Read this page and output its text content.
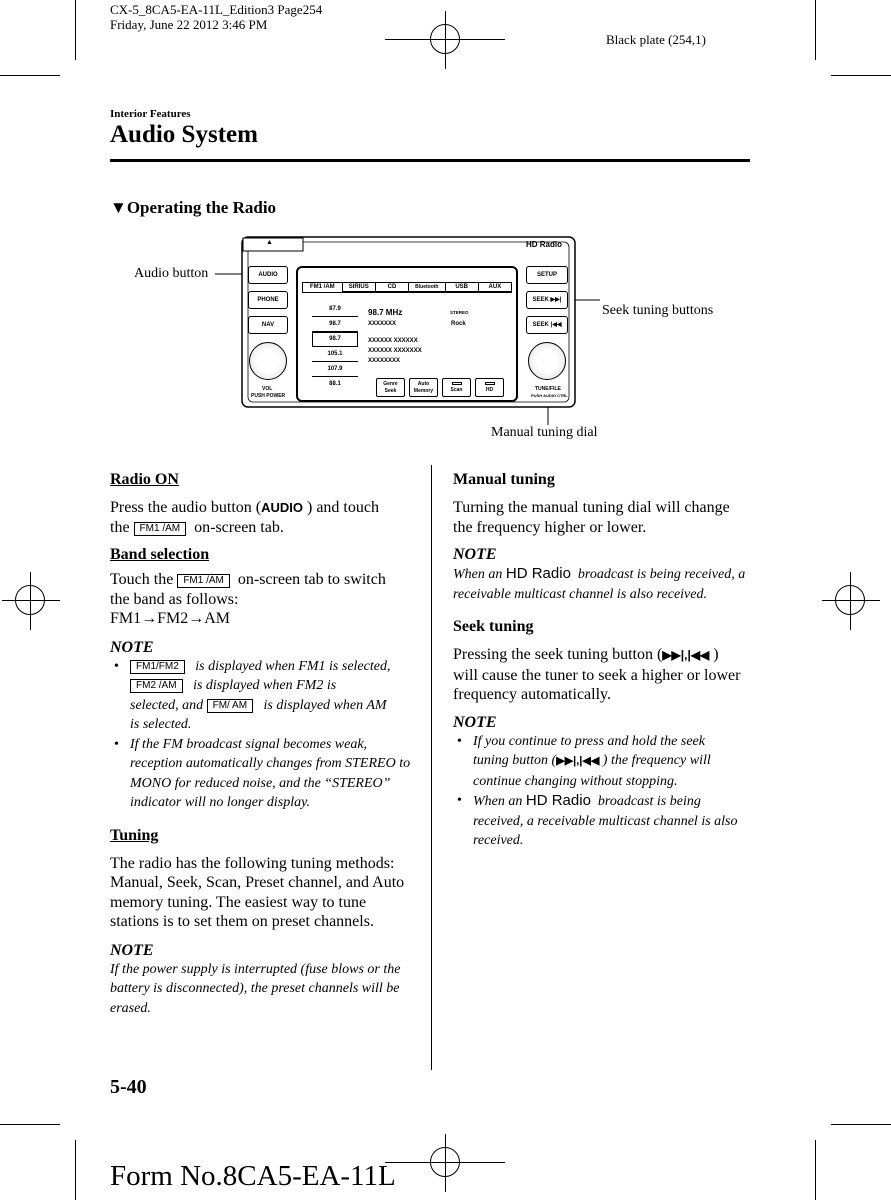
CX-5_8CA5-EA-11L_Edition3 Page254
Friday, June 22 2012 3:46 PM
Black plate (254,1)
Interior Features
Audio System
▼Operating the Radio
Audio button
Seek tuning buttons
Manual tuning dial
▲	HD Radio
AUDIO
PHONE
NAV
SETUP
SEEK ▶▶|
SEEK |◀◀
VOL
PUSH POWER
TUNE/FILE
PUSH AUDIO CTRL
FM1 /AM	SIRIUS	CD	Bluetooth	USB	AUX
87.9
98.7
98.7
105.1
107.9
88.1
98.7 MHz	STEREO
XXXXXXX	Rock
XXXXXX XXXXXX
XXXXXX XXXXXXX
XXXXXXXX
Genre
Seek
Auto
Memory	Scan	HD
Radio ON
Press the audio button (AUDIO ) and touch
the FM1 /AM on-screen tab.
Band selection
Touch the FM1 /AM on-screen tab to switch
the band as follows:
FM1→FM2→AM
NOTE
• FM1/FM2 is displayed when FM1 is selected,
FM2 /AM is displayed when FM2 is
selected, and FM/ AM is displayed when AM
is selected.
• If the FM broadcast signal becomes weak, reception automatically changes from STEREO to MONO for reduced noise, and the “STEREO” indicator will no longer display.
Tuning
The radio has the following tuning methods: Manual, Seek, Scan, Preset channel, and Auto memory tuning. The easiest way to tune stations is to set them on preset channels.
NOTE
If the power supply is interrupted (fuse blows or the battery is disconnected), the preset channels will be erased.
Manual tuning
Turning the manual tuning dial will change the frequency higher or lower.
NOTE
When an HD Radio broadcast is being received, a receivable multicast channel is also received.
Seek tuning
Pressing the seek tuning button (▶▶|,|◀◀ ) will cause the tuner to seek a higher or lower frequency automatically.
NOTE
• If you continue to press and hold the seek tuning button (▶▶|,|◀◀ ) the frequency will continue changing without stopping.
• When an HD Radio broadcast is being received, a receivable multicast channel is also received.
5-40
Form No.8CA5-EA-11L
